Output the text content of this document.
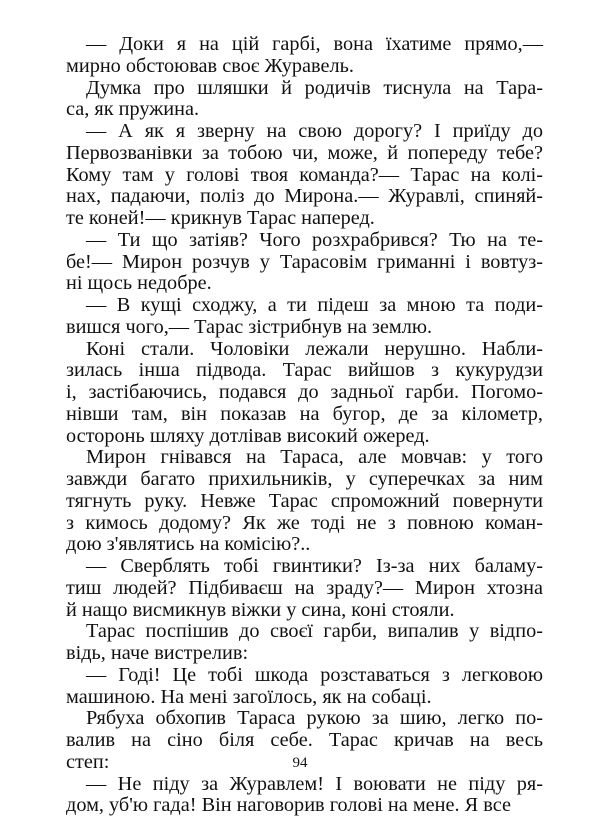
— Доки я на цій гарбі, вона їхатиме прямо,—
мирно обстоював своє Журавель.
Думка про шляшки й родичів тиснула на Тара-
са, як пружина.
— А як я зверну на свою дорогу? І приїду до
Первозванівки за тобою чи, може, й попереду тебе?
Кому там у голові твоя команда?— Тарас на колі-
нах, падаючи, поліз до Мирона.— Журавлі, спиняй-
те коней!— крикнув Тарас наперед.
— Ти що затіяв? Чого розхрабрився? Тю на те-
бе!— Мирон розчув у Тарасовім гриманні і вовтуз-
ні щось недобре.
— В кущі сходжу, а ти підеш за мною та поди-
вишся чого,— Тарас зістрибнув на землю.
Коні стали. Чоловіки лежали нерушно. Набли-
зилась інша підвода. Тарас вийшов з кукурудзи
і, застібаючись, подався до задньої гарби. Погомо-
нівши там, він показав на бугор, де за кілометр,
осторонь шляху дотлівав високий ожеред.
Мирон гнівався на Тараса, але мовчав: у того
завжди багато прихильників, у суперечках за ним
тягнуть руку. Невже Тарас спроможний повернути
з кимось додому? Як же тоді не з повною коман-
дою з'являтись на комісію?..
— Сверблять тобі гвинтики? Із-за них баламу-
тиш людей? Підбиваєш на зраду?— Мирон хтозна
й нащо висмикнув віжки у сина, коні стояли.
Тарас поспішив до своєї гарби, випалив у відпо-
відь, наче вистрелив:
— Годі! Це тобі шкода розставаться з легковою
машиною. На мені загоїлось, як на собаці.
Рябуха обхопив Тараса рукою за шию, легко по-
валив на сіно біля себе. Тарас кричав на весь
степ:
— Не піду за Журавлем! І воювати не піду ря-
дом, уб'ю гада! Він наговорив голові на мене. Я все
94
